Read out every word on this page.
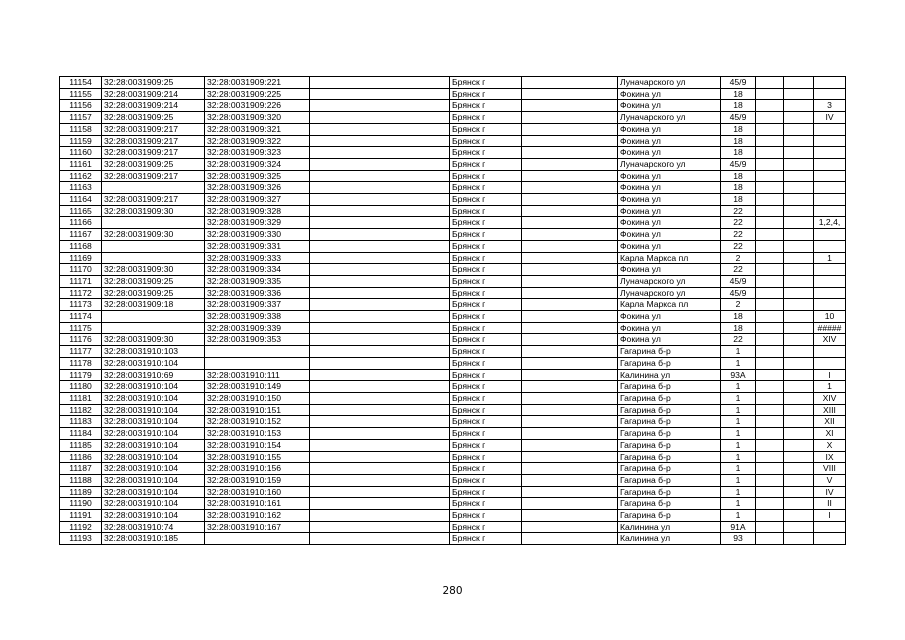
11154	32:28:0031909:25	32:28:0031909:221		Брянск г		Луначарского ул	45/9			
11155	32:28:0031909:214	32:28:0031909:225		Брянск г		Фокина ул	18			
11156	32:28:0031909:214	32:28:0031909:226		Брянск г		Фокина ул	18			3
11157	32:28:0031909:25	32:28:0031909:320		Брянск г		Луначарского ул	45/9			IV
11158	32:28:0031909:217	32:28:0031909:321		Брянск г		Фокина ул	18			
11159	32:28:0031909:217	32:28:0031909:322		Брянск г		Фокина ул	18			
11160	32:28:0031909:217	32:28:0031909:323		Брянск г		Фокина ул	18			
11161	32:28:0031909:25	32:28:0031909:324		Брянск г		Луначарского ул	45/9			
11162	32:28:0031909:217	32:28:0031909:325		Брянск г		Фокина ул	18			
11163		32:28:0031909:326		Брянск г		Фокина ул	18			
11164	32:28:0031909:217	32:28:0031909:327		Брянск г		Фокина ул	18			
11165	32:28:0031909:30	32:28:0031909:328		Брянск г		Фокина ул	22			
11166		32:28:0031909:329		Брянск г		Фокина ул	22			1,2,4,
11167	32:28:0031909:30	32:28:0031909:330		Брянск г		Фокина ул	22			
11168		32:28:0031909:331		Брянск г		Фокина ул	22			
11169		32:28:0031909:333		Брянск г		Карла Маркса пл	2			1
11170	32:28:0031909:30	32:28:0031909:334		Брянск г		Фокина ул	22			
11171	32:28:0031909:25	32:28:0031909:335		Брянск г		Луначарского ул	45/9			
11172	32:28:0031909:25	32:28:0031909:336		Брянск г		Луначарского ул	45/9			
11173	32:28:0031909:18	32:28:0031909:337		Брянск г		Карла Маркса пл	2			
11174		32:28:0031909:338		Брянск г		Фокина ул	18			10
11175		32:28:0031909:339		Брянск г		Фокина ул	18			#####
11176	32:28:0031909:30	32:28:0031909:353		Брянск г		Фокина ул	22			XIV
11177	32:28:0031910:103			Брянск г		Гагарина б-р	1			
11178	32:28:0031910:104			Брянск г		Гагарина б-р	1			
11179	32:28:0031910:69	32:28:0031910:111		Брянск г		Калинина ул	93А			I
11180	32:28:0031910:104	32:28:0031910:149		Брянск г		Гагарина б-р	1			1
11181	32:28:0031910:104	32:28:0031910:150		Брянск г		Гагарина б-р	1			XIV
11182	32:28:0031910:104	32:28:0031910:151		Брянск г		Гагарина б-р	1			XIII
11183	32:28:0031910:104	32:28:0031910:152		Брянск г		Гагарина б-р	1			XII
11184	32:28:0031910:104	32:28:0031910:153		Брянск г		Гагарина б-р	1			XI
11185	32:28:0031910:104	32:28:0031910:154		Брянск г		Гагарина б-р	1			X
11186	32:28:0031910:104	32:28:0031910:155		Брянск г		Гагарина б-р	1			IX
11187	32:28:0031910:104	32:28:0031910:156		Брянск г		Гагарина б-р	1			VIII
11188	32:28:0031910:104	32:28:0031910:159		Брянск г		Гагарина б-р	1			V
11189	32:28:0031910:104	32:28:0031910:160		Брянск г		Гагарина б-р	1			IV
11190	32:28:0031910:104	32:28:0031910:161		Брянск г		Гагарина б-р	1			II
11191	32:28:0031910:104	32:28:0031910:162		Брянск г		Гагарина б-р	1			I
11192	32:28:0031910:74	32:28:0031910:167		Брянск г		Калинина ул	91А			
11193	32:28:0031910:185			Брянск г		Калинина ул	93			
280
